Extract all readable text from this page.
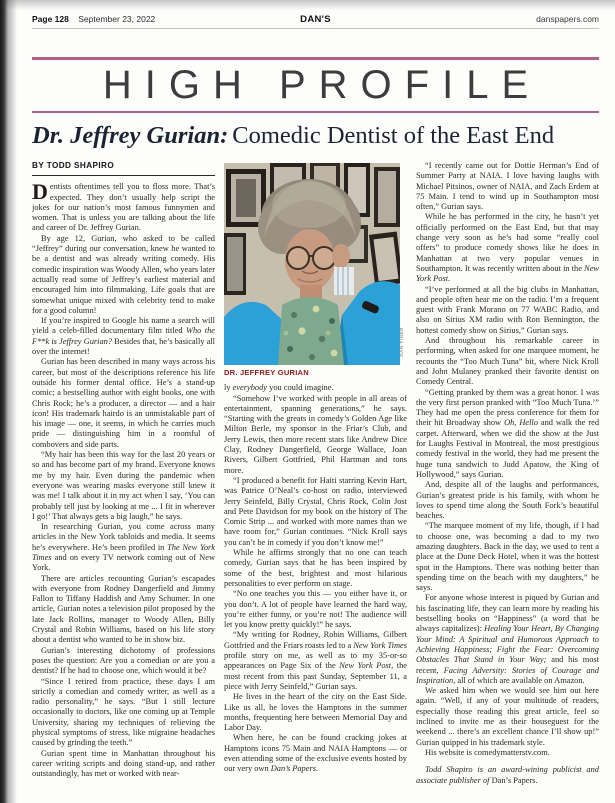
Page 128 September 23, 2022	DAN'S	danspapers.com
HIGH PROFILE
Dr. Jeffrey Gurian: Comedic Dentist of the East End
BY TODD SHAPIRO

Dentists oftentimes tell you to floss more. That’s expected. They don’t usually help script the jokes for our nation’s most famous funnymen and women. That is unless you are talking about the life and career of Dr. Jeffrey Gurian.

By age 12, Gurian, who asked to be called “Jeffrey” during our conversation, knew he wanted to be a dentist and was already writing comedy. His comedic inspiration was Woody Allen, who years later actually read some of Jeffrey’s earliest material and encouraged him into filmmaking. Life goals that are somewhat unique mixed with celebrity tend to make for a good column!

If you’re inspired to Google his name a search will yield a celeb-filled documentary film titled Who the F**k is Jeffrey Gurian? Besides that, he’s basically all over the internet!

Gurian has been described in many ways across his career, but most of the descriptions reference his life outside his former dental office. He’s a stand-up comic; a bestselling author with eight books, one with Chris Rock; he’s a producer, a director — and a hair icon! His trademark hairdo is an unmistakable part of his image — one, it seems, in which he carries much pride — distinguishing him in a roomful of combovers and side parts.

“My hair has been this way for the last 20 years or so and has become part of my brand. Everyone knows me by my hair. Even during the pandemic when everyone was wearing masks everyone still knew it was me! I talk about it in my act when I say, ‘You can probably tell just by looking at me ... I fit in wherever I go!’ That always gets a big laugh,” he says.

In researching Gurian, you come across many articles in the New York tabloids and media. It seems he’s everywhere. He’s been profiled in The New York Times and on every TV network coming out of New York.

There are articles recounting Gurian’s escapades with everyone from Rodney Dangerfield and Jimmy Fallon to Tiffany Haddish and Amy Schumer. In one article, Gurian notes a television pilot proposed by the late Jack Rollins, manager to Woody Allen, Billy Crystal and Robin Williams, based on his life story about a dentist who wanted to be in show biz.

Gurian’s interesting dichotomy of professions poses the question: Are you a comedian or are you a dentist? If he had to choose one, which would it be?

“Since I retired from practice, these days I am strictly a comedian and comedy writer, as well as a radio personality,” he says. “But I still lecture occasionally to doctors, like one coming up at Temple University, sharing my techniques of relieving the physical symptoms of stress, like migraine headaches caused by grinding the teeth.”

Gurian spent time in Manhattan throughout his career writing scripts and doing stand-up, and rather outstandingly, has met or worked with near-

DAN TINER
DR. JEFFREY GURIAN

ly everybody you could imagine.

“Somehow I’ve worked with people in all areas of entertainment, spanning generations,” he says. “Starting with the greats in comedy’s Golden Age like Milton Berle, my sponsor in the Friar’s Club, and Jerry Lewis, then more recent stars like Andrew Dice Clay, Rodney Dangerfield, George Wallace, Joan Rivers, Gilbert Gottfried, Phil Hartman and tons more.

“I produced a benefit for Haiti starring Kevin Hart, was Patrice O’Neal’s co-host on radio, interviewed Jerry Seinfeld, Billy Crystal, Chris Rock, Colin Jost and Pete Davidson for my book on the history of The Comic Strip ... and worked with more names than we have room for,” Gurian continues. “Nick Kroll says you can’t be in comedy if you don’t know me!”

While he affirms strongly that no one can teach comedy, Gurian says that he has been inspired by some of the best, brightest and most hilarious personalities to ever perform on stage.

“No one teaches you this — you either have it, or you don’t. A lot of people have learned the hard way, you’re either funny, or you’re not! The audience will let you know pretty quickly!” he says.

“My writing for Rodney, Robin Williams, Gilbert Gottfried and the Friars roasts led to a New York Times profile story on me, as well as to my 35-or-so appearances on Page Six of the New York Post, the most recent from this past Sunday, September 11, a piece with Jerry Seinfeld,” Gurian says.

He lives in the heart of the city on the East Side. Like us all, he loves the Hamptons in the summer months, frequenting here between Memorial Day and Labor Day.

When here, he can be found cracking jokes at Hamptons icons 75 Main and NAIA Hamptons — or even attending some of the exclusive events hosted by our very own Dan’s Papers.

“I recently came out for Dottie Herman’s End of Summer Party at NAIA. I love having laughs with Michael Pitsinos, owner of NAIA, and Zach Erdem at 75 Main. I tend to wind up in Southampton most often,” Gurian says.

While he has performed in the city, he hasn’t yet officially performed on the East End, but that may change very soon as he’s had some “really cool offers” to produce comedy shows like he does in Manhattan at two very popular venues in Southampton. It was recently written about in the New York Post.

“I’ve performed at all the big clubs in Manhattan, and people often hear me on the radio. I’m a frequent guest with Frank Morano on 77 WABC Radio, and also on Sirius XM radio with Ron Bennington, the hottest comedy show on Sirius,” Gurian says.

And throughout his remarkable career in performing, when asked for one marquee moment, he recounts the “Too Much Tuna” bit, where Nick Kroll and John Mulaney pranked their favorite dentist on Comedy Central.

“Getting pranked by them was a great honor. I was the very first person pranked with “Too Much Tuna.’” They had me open the press conference for them for their hit Broadway show Oh, Hello and walk the red carpet. Afterward, when we did the show at the Just for Laughs Festival in Montreal, the most prestigious comedy festival in the world, they had me present the huge tuna sandwich to Judd Apatow, the King of Hollywood,” says Gurian.

And, despite all of the laughs and performances, Gurian’s greatest pride is his family, with whom he loves to spend time along the South Fork’s beautiful beaches.

“The marquee moment of my life, though, if I had to choose one, was becoming a dad to my two amazing daughters. Back in the day, we used to rent a place at the Dune Deck Hotel, when it was the hottest spot in the Hamptons. There was nothing better than spending time on the beach with my daughters,” he says.

For anyone whose interest is piqued by Gurian and his fascinating life, they can learn more by reading his bestselling books on “Happiness” (a word that he always capitalizes): Healing Your Heart, By Changing Your Mind: A Spiritual and Humorous Approach to Achieving Happiness; Fight the Fear: Overcoming Obstacles That Stand in Your Way; and his most recent, Facing Adversity: Stories of Courage and Inspiration, all of which are available on Amazon.

We asked him when we would see him out here again. “Well, if any of your multitude of readers, especially those reading this great article, feel so inclined to invite me as their houseguest for the weekend ... there’s an excellent chance I’ll show up!” Gurian quipped in his trademark style.

His website is comedymatterstv.com.

Todd Shapiro is an award-wining publicist and associate publisher of Dan’s Papers.
